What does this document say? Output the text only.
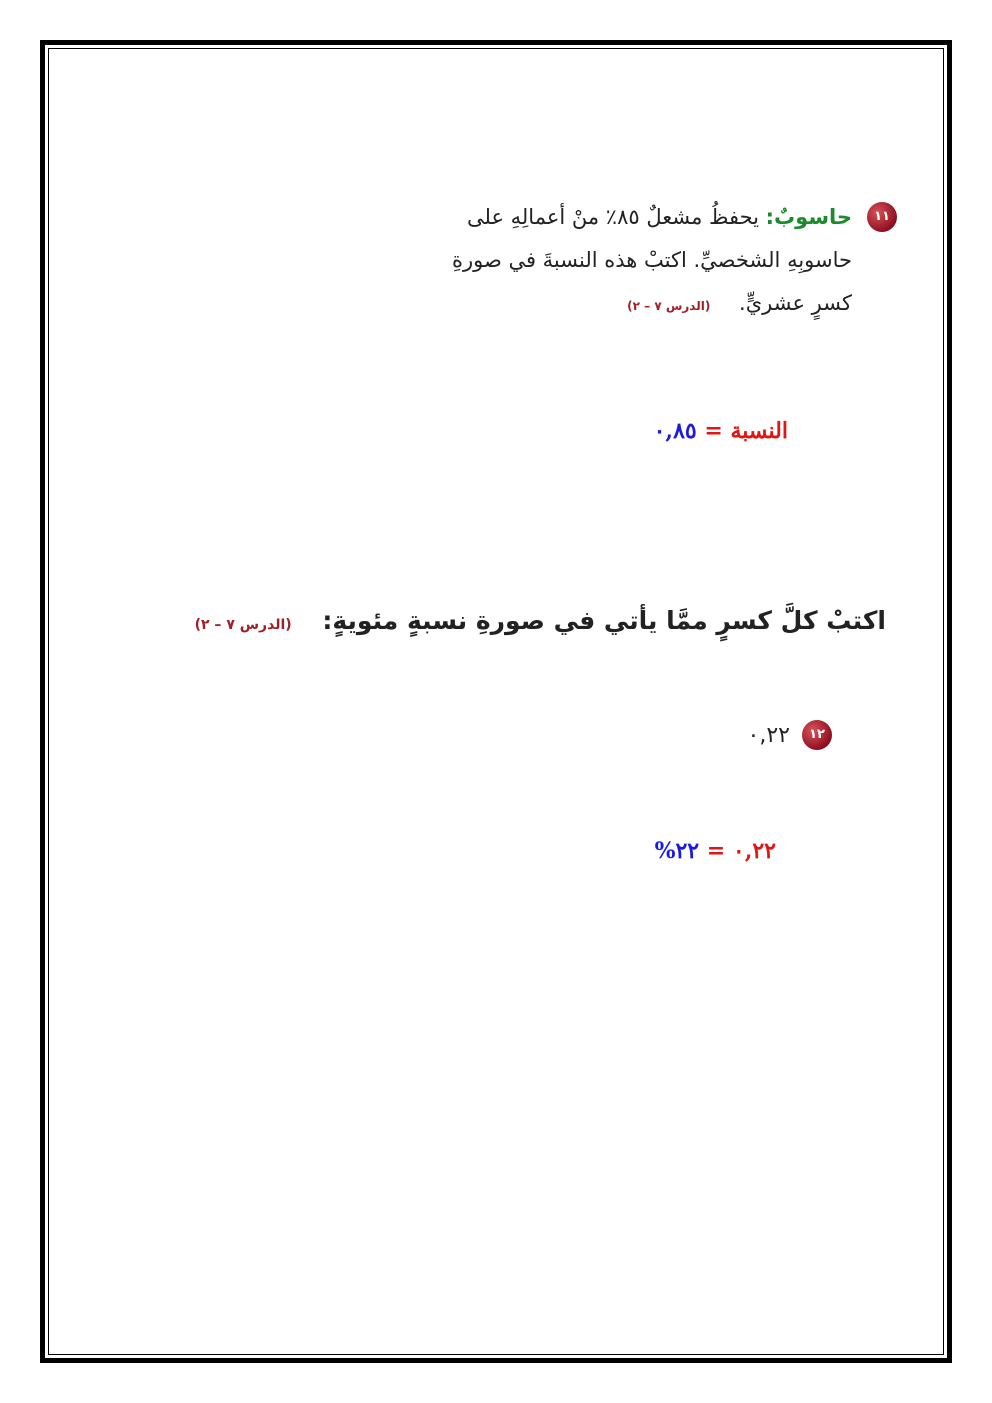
١١
حاسوبٌ: يحفظُ مشعلٌ ٨٥٪ منْ أعمالِهِ على
حاسوبِهِ الشخصيِّ. اكتبْ هذه النسبةَ في صورةِ
كسرٍ عشريٍّ. (الدرس ٧ – ٢)
النسبة = ٠,٨٥
اكتبْ كلَّ كسرٍ ممَّا يأتي في صورةِ نسبةٍ مئويةٍ: (الدرس ٧ – ٢)
١٢
٠,٢٢
٠,٢٢ = ٢٢%
